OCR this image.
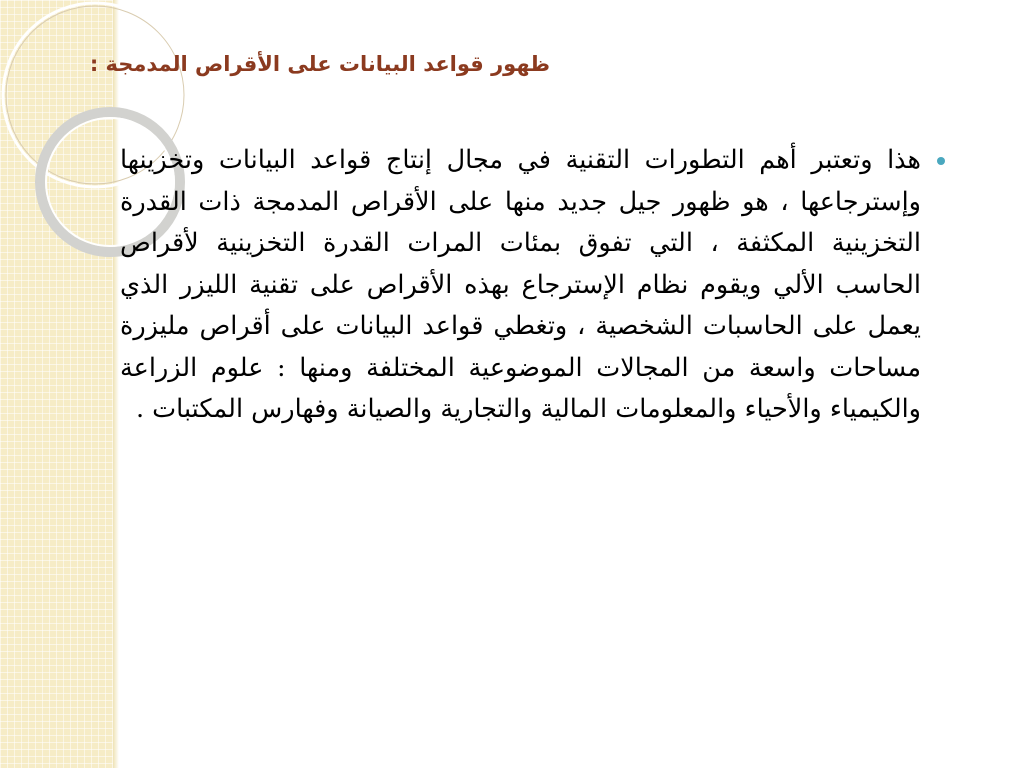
ظهور قواعد البيانات على الأقراص المدمجة :

هذا وتعتبر أهم التطورات التقنية في مجال إنتاج قواعد البيانات وتخزينها وإسترجاعها ، هو ظهور جيل جديد منها على الأقراص المدمجة ذات القدرة التخزينية المكثفة ، التي تفوق بمئات المرات القدرة التخزينية لأقراص الحاسب الألي ويقوم نظام الإسترجاع بهذه الأقراص على تقنية الليزر الذي يعمل على الحاسبات الشخصية ، وتغطي قواعد البيانات على أقراص مليزرة مساحات واسعة من المجالات الموضوعية المختلفة ومنها : علوم الزراعة والكيمياء والأحياء والمعلومات المالية والتجارية والصيانة وفهارس المكتبات .
